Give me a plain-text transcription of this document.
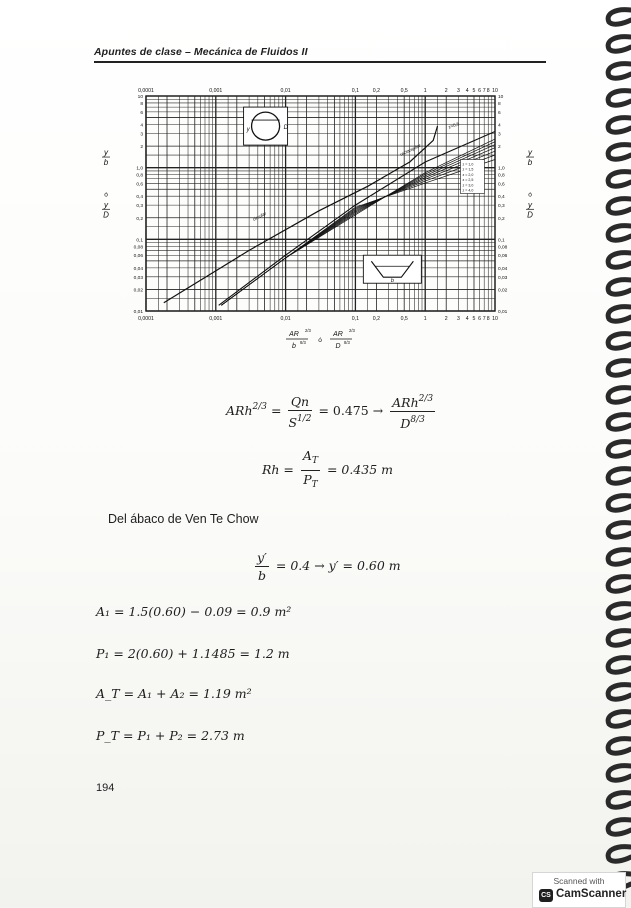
Apuntes de clase – Mecánica de Fluidos II
0,0001	0,001	0,01	0,1	0,2	0,5	1	2 3 4 5 6 7 8 10
0,0001	0,001	0,01	0,1	0,2	0,5	1	2 3 4 5 6 7 8 10
10
8
6
4
3
2
1,0
0,8
0,6
0,4
0,3
0,2
0,1
0,08
0,06
0,04
0,03
0,02
0,01
10
8
6
4
3
2
1,0
0,8
0,6
0,4
0,3
0,2
0,1
0,08
0,06
0,04
0,03
0,02
0,01
D
y
b
z = 1,0
z = 1,5
z = 2,0
z = 2,5
z = 3,0
z = 4,0
y
b
ó
y
D
y
b
ó
y
D
circular
rectangular
z=0,5
AR
2/3
b
8/3
AR
2/3
D
8/3
ó
$ARh^{2/3} = \frac{Qn}{S^{1/2}} = 0.475 \to \frac{ARh^{2/3}}{D^{8/3}}$
$Rh = \frac{A_T}{P_T} = 0.435$ m
Del ábaco de Ven Te Chow
$\frac{y'}{b} = 0.4 \to y' = 0.60$ m
A₁ = 1.5(0.60) − 0.09 = 0.9 m²
P₁ = 2(0.60) + 1.1485 = 1.2 m
A_T = A₁ + A₂ = 1.19 m²
P_T = P₁ + P₂ = 2.73 m
194
Scanned with
CS CamScanner
